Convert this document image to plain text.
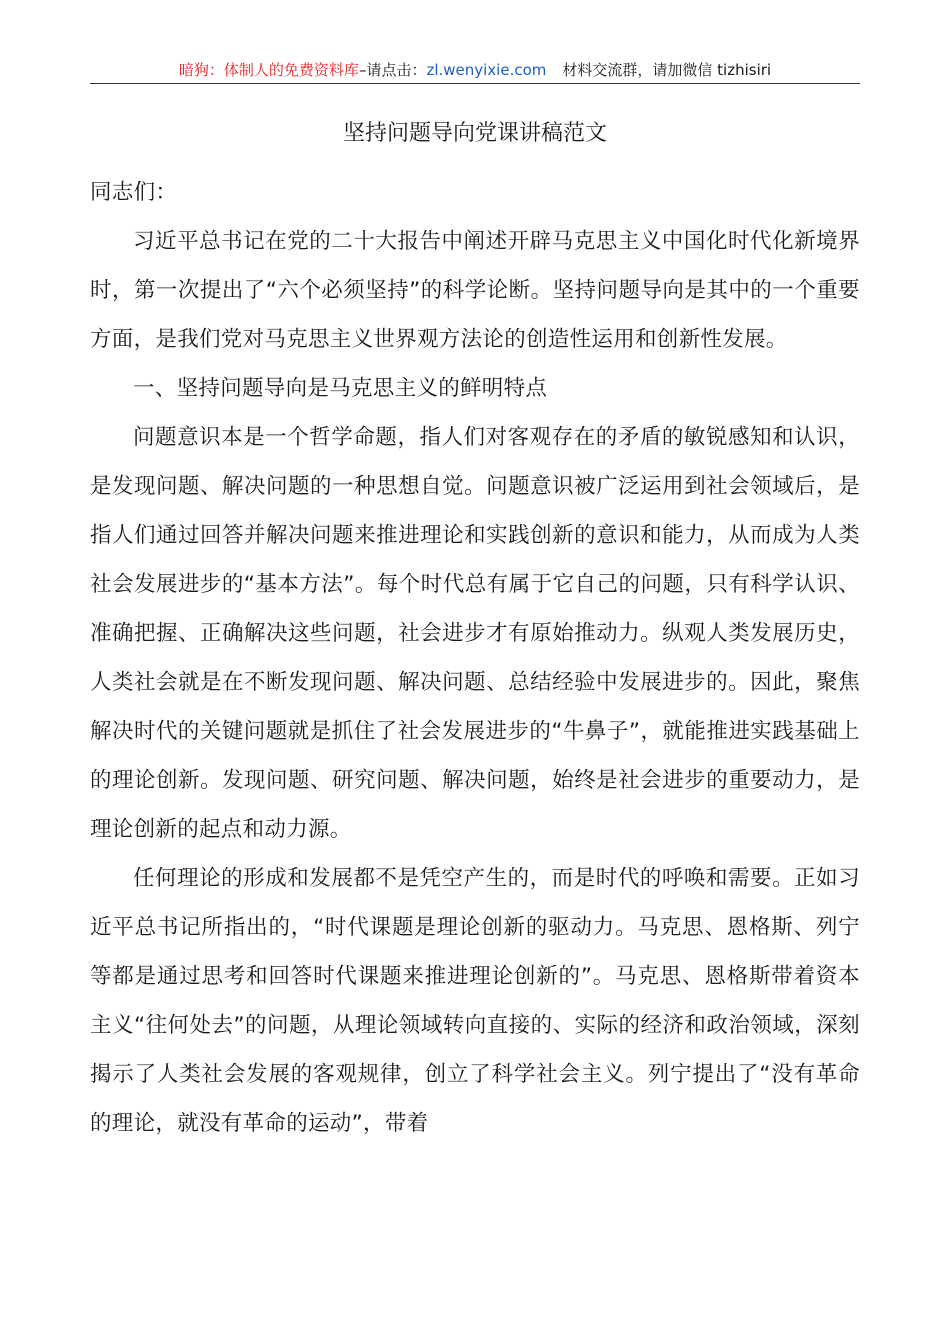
暗狗：体制人的免费资料库–请点击：zl.wenyixie.com 材料交流群，请加微信 tizhisiri
坚持问题导向党课讲稿范文

同志们：

习近平总书记在党的二十大报告中阐述开辟马克思主义中国化时代化新境界时，第一次提出了“六个必须坚持”的科学论断。坚持问题导向是其中的一个重要方面，是我们党对马克思主义世界观方法论的创造性运用和创新性发展。

一、坚持问题导向是马克思主义的鲜明特点

问题意识本是一个哲学命题，指人们对客观存在的矛盾的敏锐感知和认识，是发现问题、解决问题的一种思想自觉。问题意识被广泛运用到社会领域后，是指人们通过回答并解决问题来推进理论和实践创新的意识和能力，从而成为人类社会发展进步的“基本方法”。每个时代总有属于它自己的问题，只有科学认识、准确把握、正确解决这些问题，社会进步才有原始推动力。纵观人类发展历史，人类社会就是在不断发现问题、解决问题、总结经验中发展进步的。因此，聚焦解决时代的关键问题就是抓住了社会发展进步的“牛鼻子”，就能推进实践基础上的理论创新。发现问题、研究问题、解决问题，始终是社会进步的重要动力，是理论创新的起点和动力源。

任何理论的形成和发展都不是凭空产生的，而是时代的呼唤和需要。正如习近平总书记所指出的，“时代课题是理论创新的驱动力。马克思、恩格斯、列宁等都是通过思考和回答时代课题来推进理论创新的”。马克思、恩格斯带着资本主义“往何处去”的问题，从理论领域转向直接的、实际的经济和政治领域，深刻揭示了人类社会发展的客观规律，创立了科学社会主义。列宁提出了“没有革命的理论，就没有革命的运动”，带着
